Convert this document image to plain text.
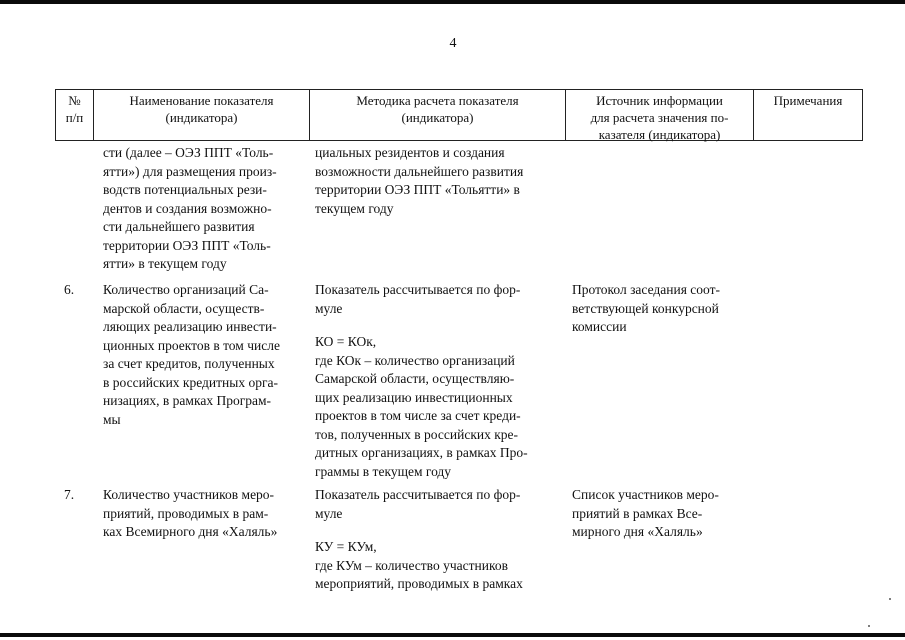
4
№
п/п
Наименование показателя
(индикатора)
Методика расчета показателя
(индикатора)
Источник информации
для расчета значения по-
казателя (индикатора)
Примечания
сти (далее – ОЭЗ ППТ «Толь-
ятти») для размещения произ-
водств потенциальных рези-
дентов и создания возможно-
сти дальнейшего развития
территории ОЭЗ ППТ «Толь-
ятти» в текущем году
циальных резидентов и создания
возможности дальнейшего развития
территории ОЭЗ ППТ «Тольятти» в
текущем году
6. Количество организаций Са-
марской области, осуществ-
ляющих реализацию инвести-
ционных проектов в том числе
за счет кредитов, полученных
в российских кредитных орга-
низациях, в рамках Програм-
мы
Показатель рассчитывается по фор-
муле
КО = КОк,
где КОк – количество организаций
Самарской области, осуществляю-
щих реализацию инвестиционных
проектов в том числе за счет креди-
тов, полученных в российских кре-
дитных организациях, в рамках Про-
граммы в текущем году
Протокол заседания соот-
ветствующей конкурсной
комиссии
7. Количество участников меро-
приятий, проводимых в рам-
ках Всемирного дня «Халяль»
Показатель рассчитывается по фор-
муле
КУ = КУм,
где КУм – количество участников
мероприятий, проводимых в рамках
Список участников меро-
приятий в рамках Все-
мирного дня «Халяль»
